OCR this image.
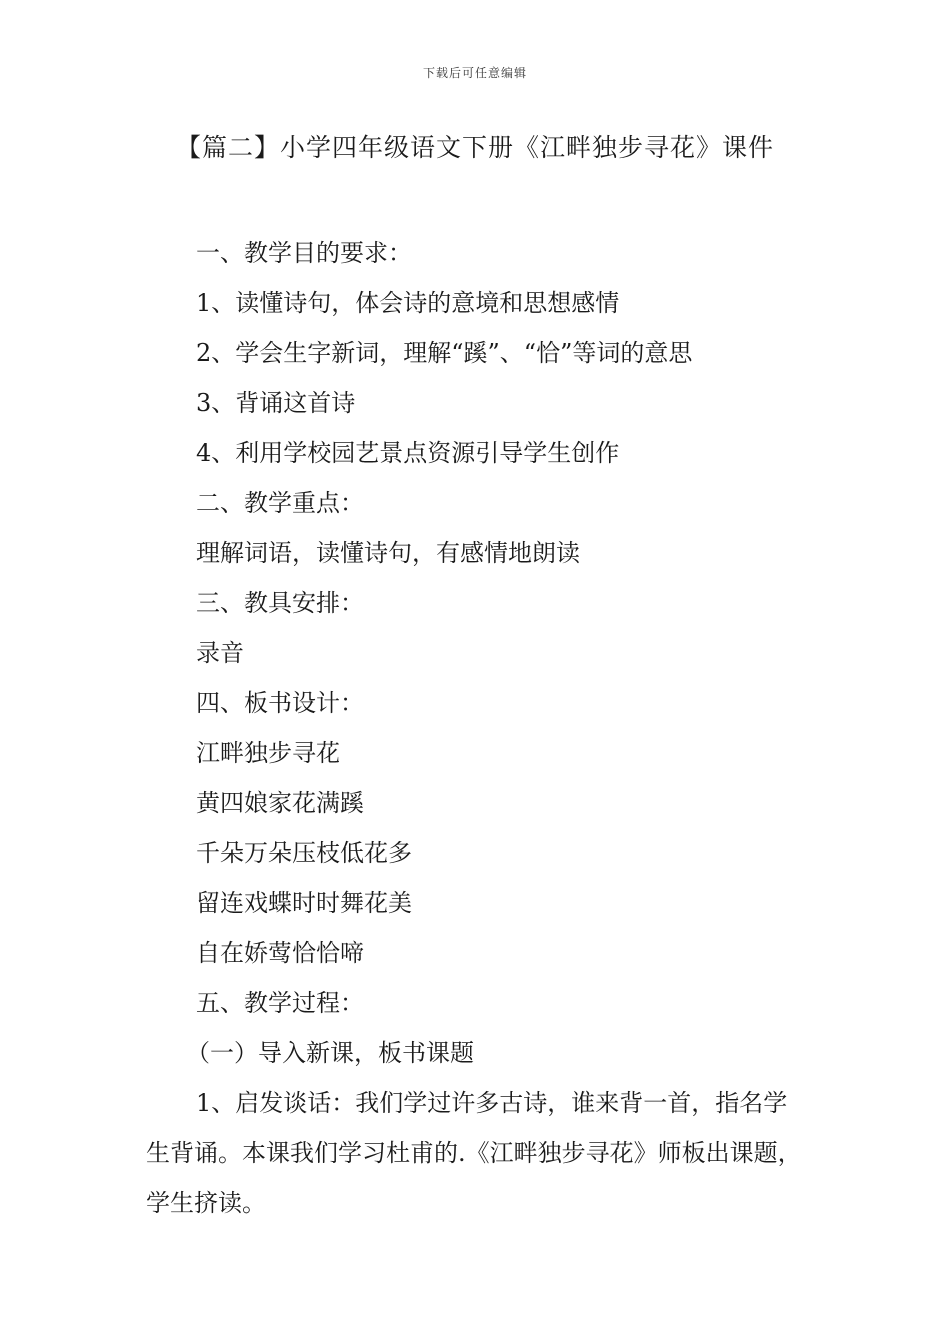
下载后可任意编辑
【篇二】小学四年级语文下册《江畔独步寻花》课件

一、教学目的要求：

1、读懂诗句，体会诗的意境和思想感情

2、学会生字新词，理解“蹊”、“恰”等词的意思

3、背诵这首诗

4、利用学校园艺景点资源引导学生创作

二、教学重点：

理解词语，读懂诗句，有感情地朗读

三、教具安排：

录音

四、板书设计：

江畔独步寻花

黄四娘家花满蹊

千朵万朵压枝低花多

留连戏蝶时时舞花美

自在娇莺恰恰啼

五、教学过程：

（一）导入新课，板书课题

1、启发谈话：我们学过许多古诗，谁来背一首，指名学生背诵。本课我们学习杜甫的.《江畔独步寻花》师板出课题，学生挤读。
